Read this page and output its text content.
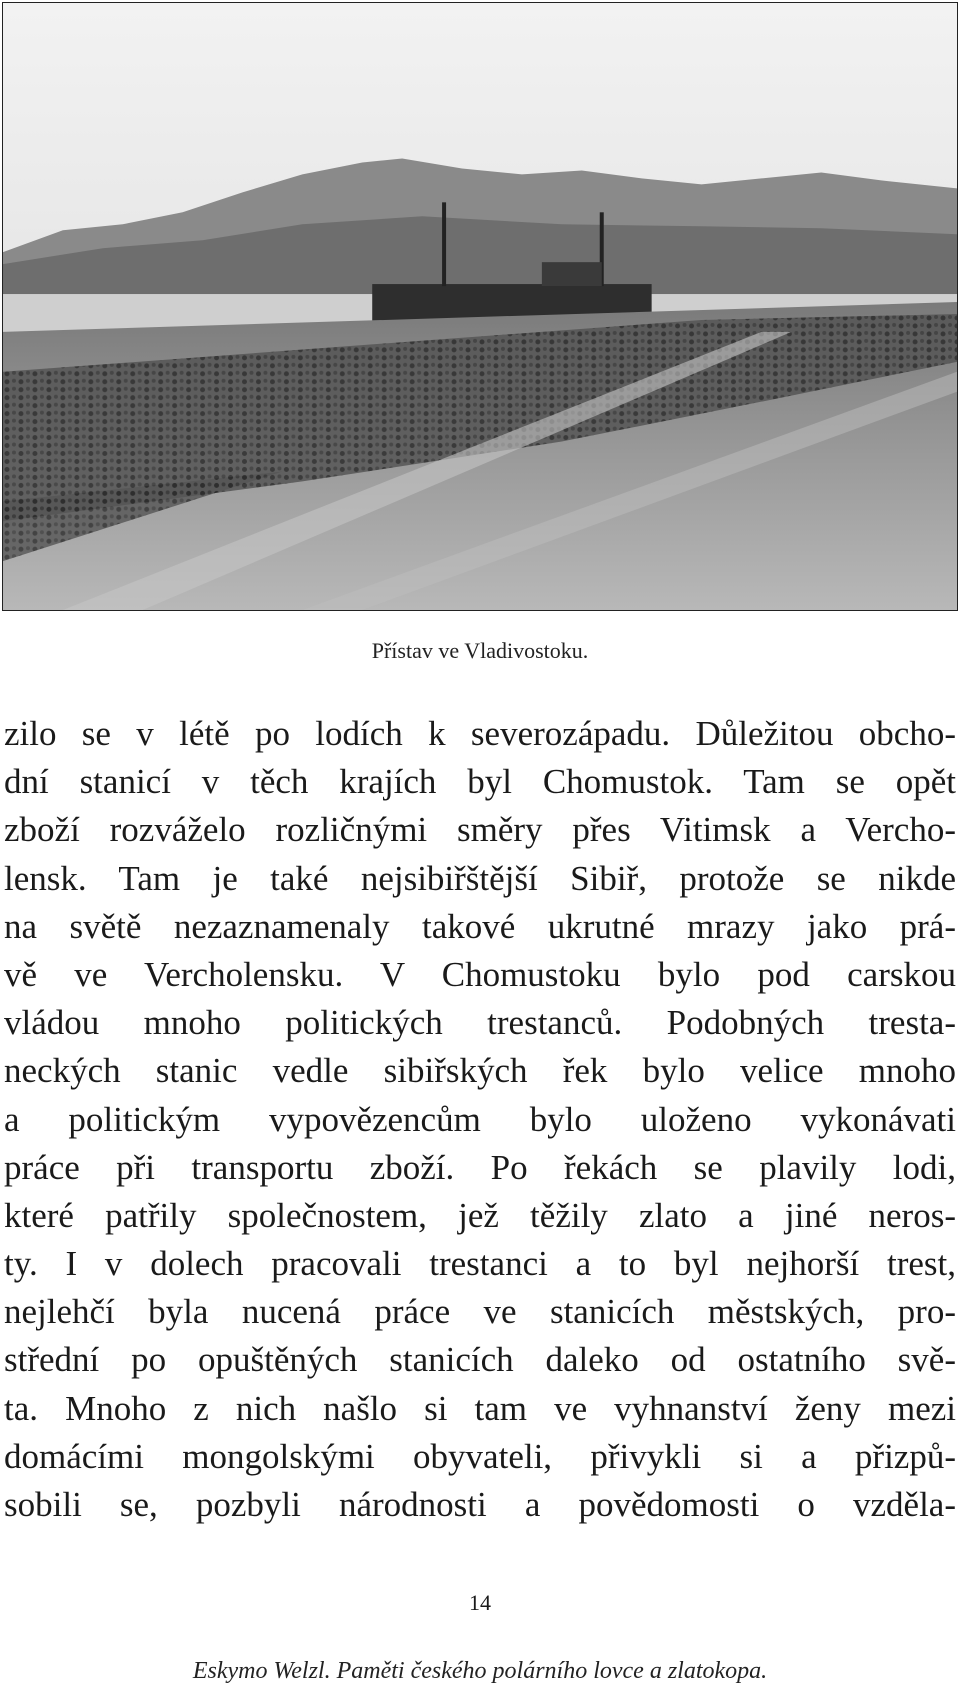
Přístav ve Vladivostoku.
zilo se v létě po lodích k severozápadu. Důležitou obcho-
dní stanicí v těch krajích byl Chomustok. Tam se opět
zboží rozváželo rozličnými směry přes Vitimsk a Vercho-
lensk. Tam je také nejsibiřštější Sibiř, protože se nikde
na světě nezaznamenaly takové ukrutné mrazy jako prá-
vě ve Vercholensku. V Chomustoku bylo pod carskou
vládou mnoho politických trestanců. Podobných tresta-
neckých stanic vedle sibiřských řek bylo velice mnoho
a politickým vypovězencům bylo uloženo vykonávati
práce při transportu zboží. Po řekách se plavily lodi,
které patřily společnostem, jež těžily zlato a jiné neros-
ty. I v dolech pracovali trestanci a to byl nejhorší trest,
nejlehčí byla nucená práce ve stanicích městských, pro-
střední po opuštěných stanicích daleko od ostatního svě-
ta. Mnoho z nich našlo si tam ve vyhnanství ženy mezi
domácími mongolskými obyvateli, přivykli si a přizpů-
sobili se, pozbyli národnosti a povědomosti o vzděla-
14
Eskymo Welzl. Paměti českého polárního lovce a zlatokopa.
